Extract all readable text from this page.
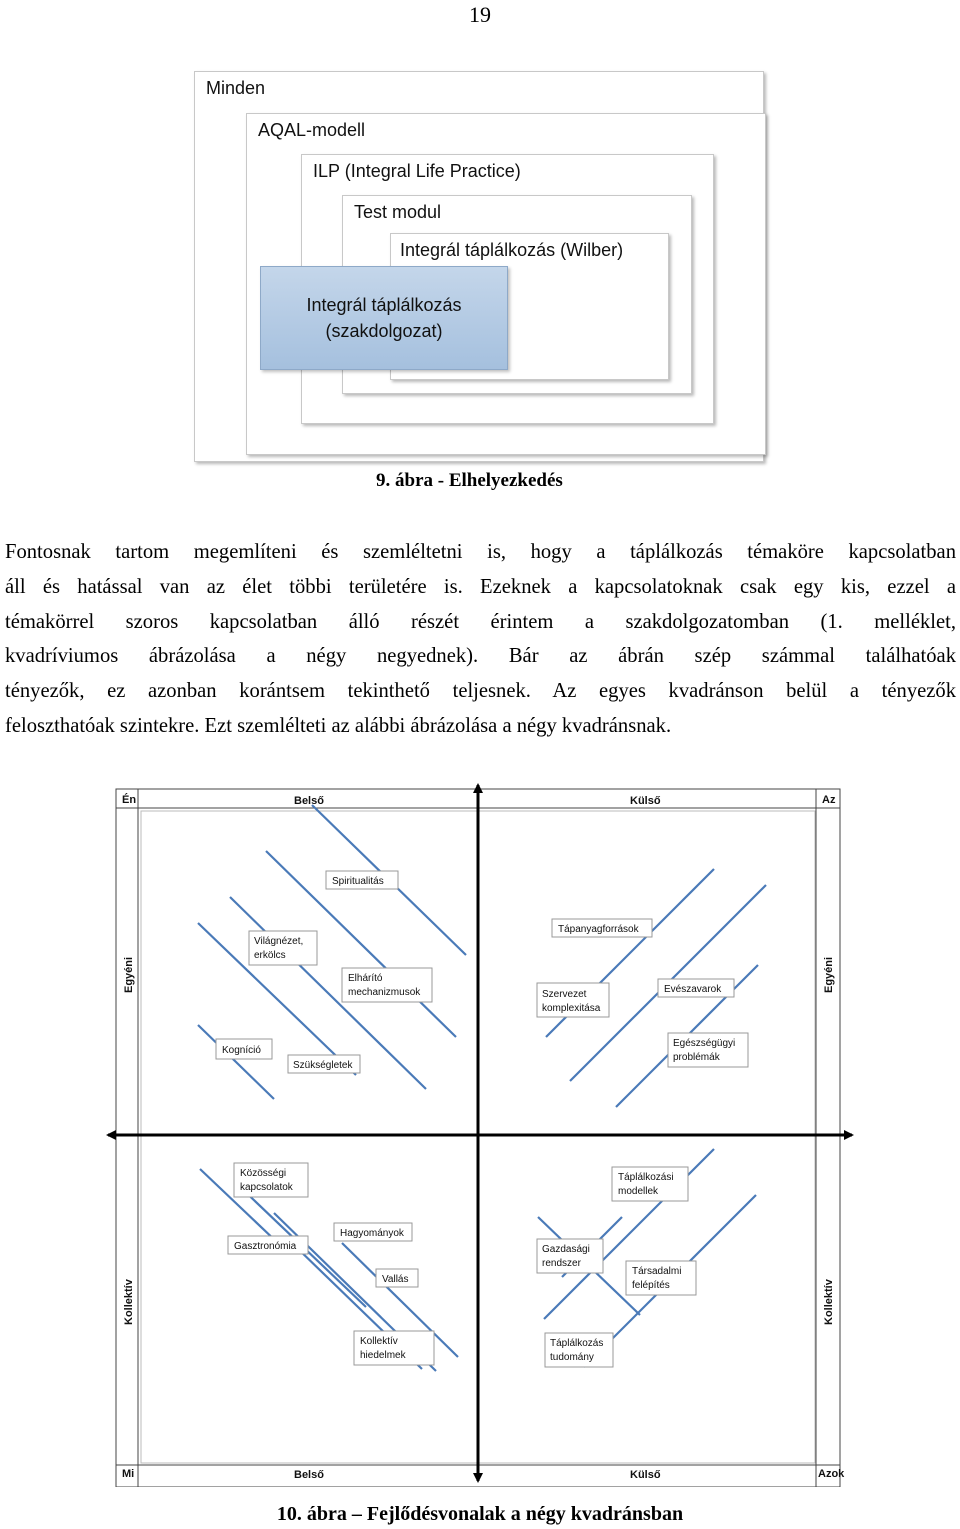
19
Minden
AQAL-modell
ILP (Integral Life Practice)
Test modul
Integrál táplálkozás (Wilber)
Integrál táplálkozás
(szakdolgozat)
9. ábra - Elhelyezkedés
Fontosnak tartom megemlíteni és szemléltetni is, hogy a táplálkozás témaköre kapcsolatban
áll és hatással van az élet többi területére is. Ezeknek a kapcsolatoknak csak egy kis, ezzel a
témakörrel szoros kapcsolatban álló részét érintem a szakdolgozatomban (1. melléklet,
kvadríviumos ábrázolása a négy negyednek). Bár az ábrán szép számmal találhatóak
tényezők, ez azonban korántsem tekinthető teljesnek. Az egyes kvadránson belül a tényezők
feloszthatóak szintekre. Ezt szemlélteti az alábbi ábrázolása a négy kvadránsnak.
Én	Az
Mi	Azok
Belső	Külső
Belső	Külső
Egyéni
Kollektív
Egyéni
Kollektív
Spiritualitás
Világnézet,
erkölcs
Elhárító
mechanizmusok
Kogníció
Szükségletek
Tápanyagforrások
Szervezet
komplexitása
Evészavarok
Egészségügyi
problémák
Közösségi
kapcsolatok
Gasztronómia
Hagyományok
Vallás
Kollektív
hiedelmek
Táplálkozási
modellek
Gazdasági
rendszer
Társadalmi
felépítés
Táplálkozás
tudomány
10. ábra – Fejlődésvonalak a négy kvadránsban
